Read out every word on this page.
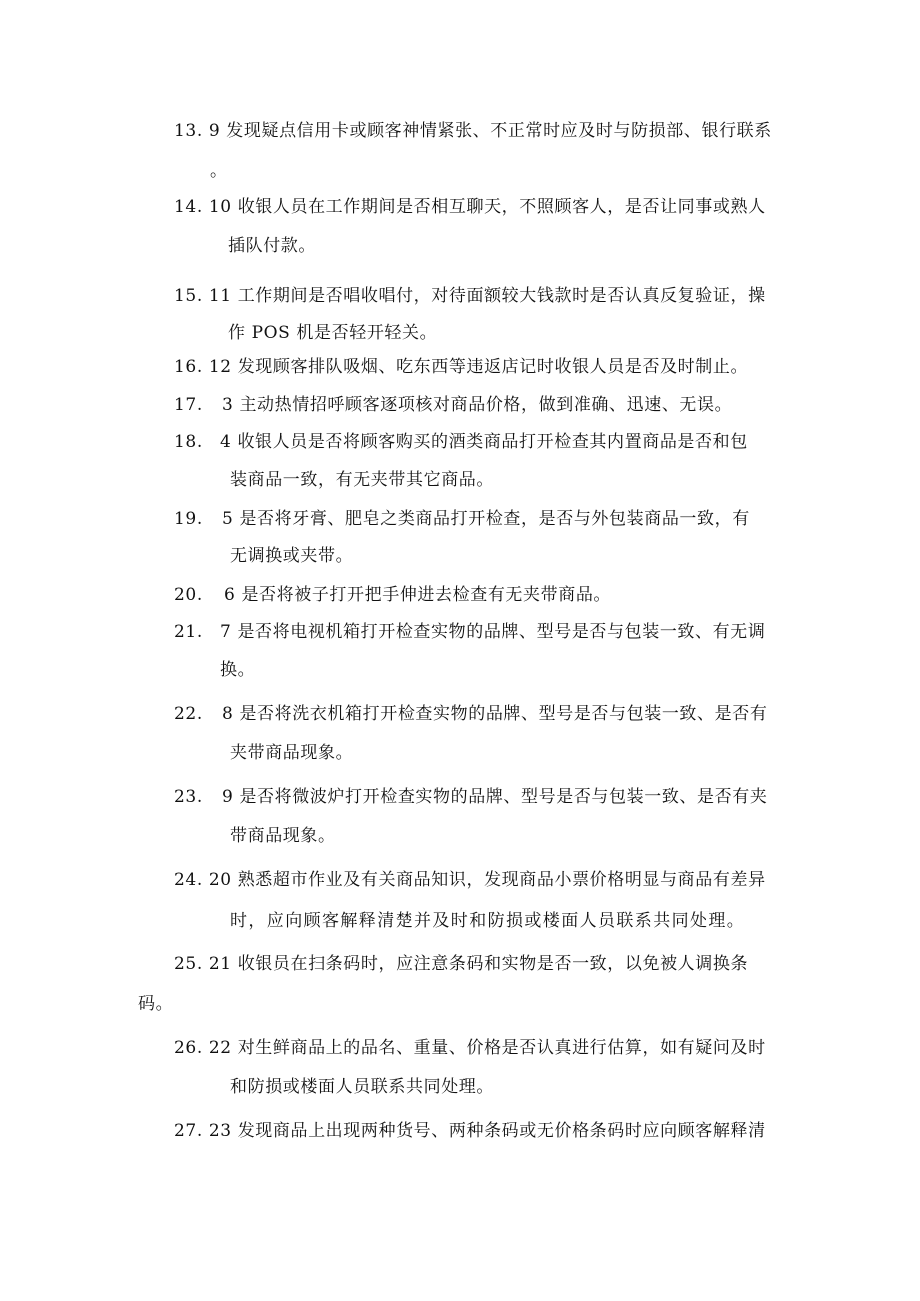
13. 9 发现疑点信用卡或顾客神情紧张、不正常时应及时与防损部、银行联系
。
14. 10 收银人员在工作期间是否相互聊天，不照顾客人，是否让同事或熟人
插队付款。
15. 11 工作期间是否唱收唱付，对待面额较大钱款时是否认真反复验证，操
作 POS 机是否轻开轻关。
16. 12 发现顾客排队吸烟、吃东西等违返店记时收银人员是否及时制止。
17. 3 主动热情招呼顾客逐项核对商品价格，做到准确、迅速、无误。
18. 4 收银人员是否将顾客购买的酒类商品打开检查其内置商品是否和包
装商品一致，有无夹带其它商品。
19. 5 是否将牙膏、肥皂之类商品打开检查，是否与外包装商品一致，有
无调换或夹带。
20. 6 是否将被子打开把手伸进去检查有无夹带商品。
21. 7 是否将电视机箱打开检查实物的品牌、型号是否与包装一致、有无调
换。
22. 8 是否将洗衣机箱打开检查实物的品牌、型号是否与包装一致、是否有
夹带商品现象。
23. 9 是否将微波炉打开检查实物的品牌、型号是否与包装一致、是否有夹
带商品现象。
24. 20 熟悉超市作业及有关商品知识，发现商品小票价格明显与商品有差异
时，应向顾客解释清楚并及时和防损或楼面人员联系共同处理。
25. 21 收银员在扫条码时，应注意条码和实物是否一致，以免被人调换条
码。
26. 22 对生鲜商品上的品名、重量、价格是否认真进行估算，如有疑问及时
和防损或楼面人员联系共同处理。
27. 23 发现商品上出现两种货号、两种条码或无价格条码时应向顾客解释清
